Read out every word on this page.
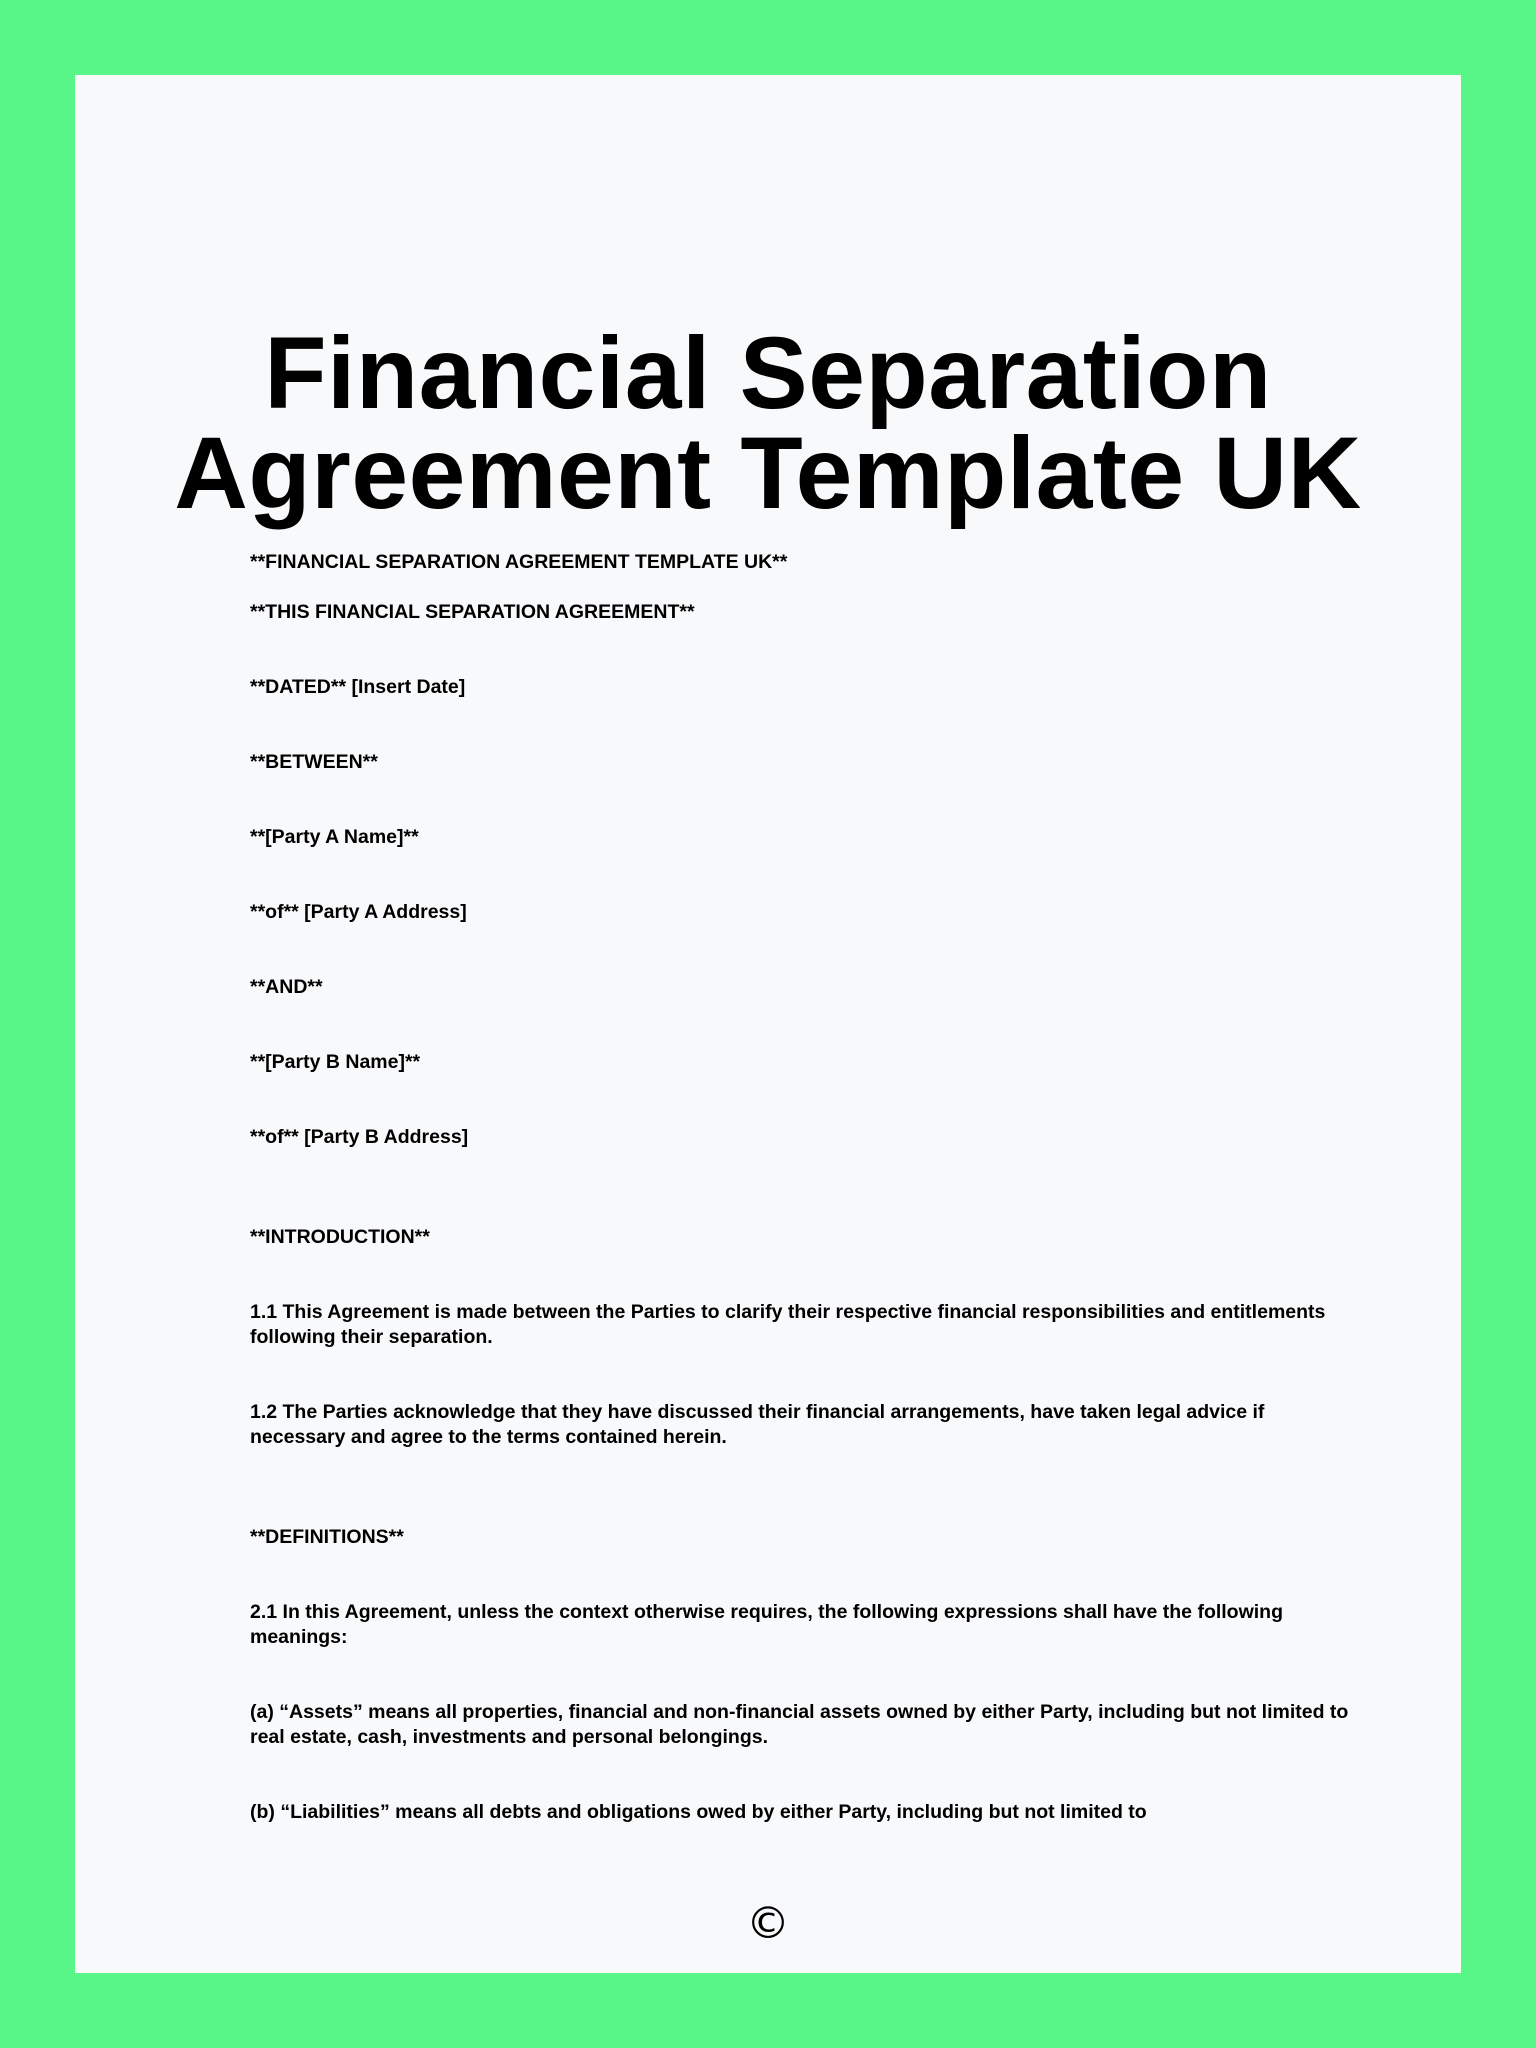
Financial Separation
Agreement Template UK

**FINANCIAL SEPARATION AGREEMENT TEMPLATE UK**

**THIS FINANCIAL SEPARATION AGREEMENT**

**DATED** [Insert Date]

**BETWEEN**

**[Party A Name]**

**of** [Party A Address]

**AND**

**[Party B Name]**

**of** [Party B Address]

**INTRODUCTION**

1.1 This Agreement is made between the Parties to clarify their respective financial responsibilities and entitlements following their separation.

1.2 The Parties acknowledge that they have discussed their financial arrangements, have taken legal advice if necessary and agree to the terms contained herein.

**DEFINITIONS**

2.1 In this Agreement, unless the context otherwise requires, the following expressions shall have the following meanings:

(a) “Assets” means all properties, financial and non-financial assets owned by either Party, including but not limited to real estate, cash, investments and personal belongings.

(b) “Liabilities” means all debts and obligations owed by either Party, including but not limited to

©
